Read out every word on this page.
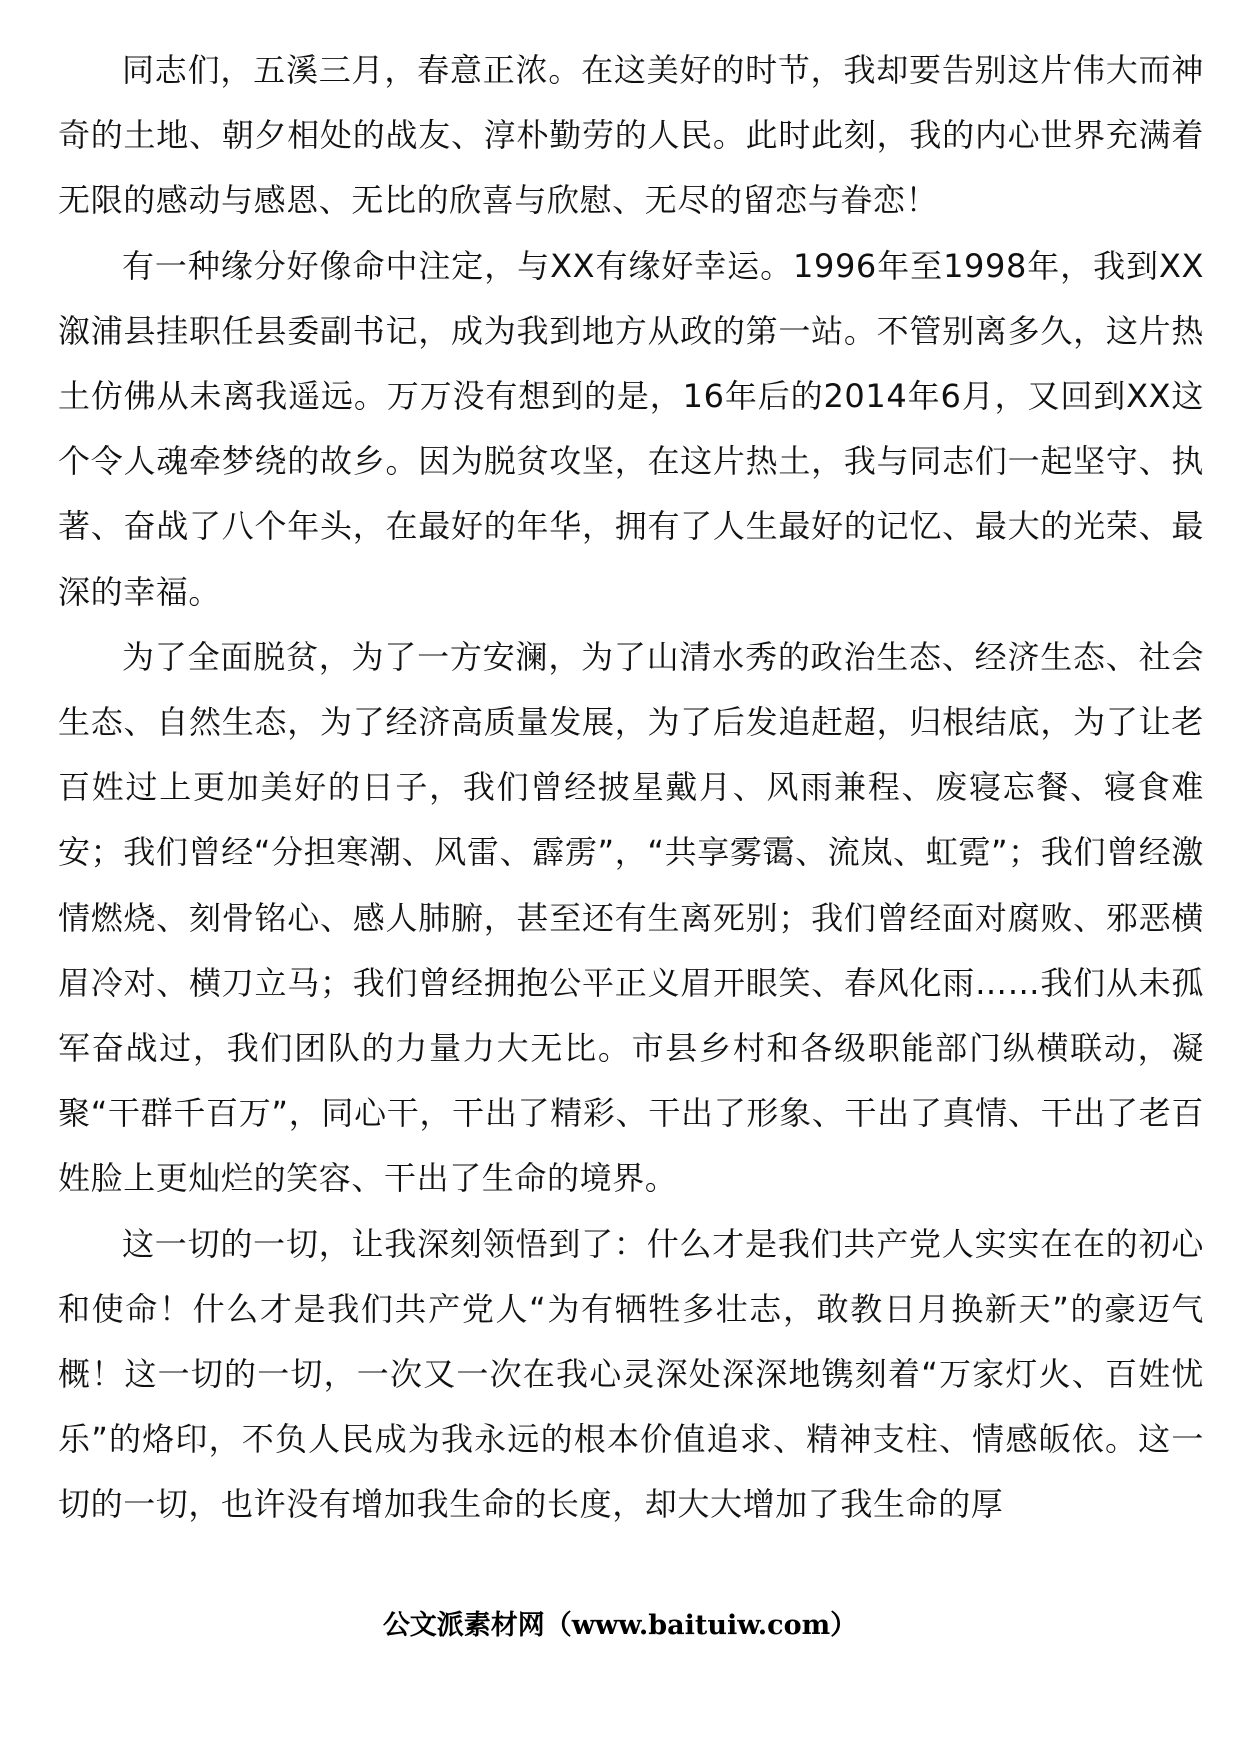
同志们，五溪三月，春意正浓。在这美好的时节，我却要告别这片伟大而神奇的土地、朝夕相处的战友、淳朴勤劳的人民。此时此刻，我的内心世界充满着无限的感动与感恩、无比的欣喜与欣慰、无尽的留恋与眷恋！

有一种缘分好像命中注定，与XX有缘好幸运。1996年至1998年，我到XX溆浦县挂职任县委副书记，成为我到地方从政的第一站。不管别离多久，这片热土仿佛从未离我遥远。万万没有想到的是，16年后的2014年6月，又回到XX这个令人魂牵梦绕的故乡。因为脱贫攻坚，在这片热土，我与同志们一起坚守、执著、奋战了八个年头，在最好的年华，拥有了人生最好的记忆、最大的光荣、最深的幸福。

为了全面脱贫，为了一方安澜，为了山清水秀的政治生态、经济生态、社会生态、自然生态，为了经济高质量发展，为了后发追赶超，归根结底，为了让老百姓过上更加美好的日子，我们曾经披星戴月、风雨兼程、废寝忘餐、寝食难安；我们曾经“分担寒潮、风雷、霹雳”，“共享雾霭、流岚、虹霓”；我们曾经激情燃烧、刻骨铭心、感人肺腑，甚至还有生离死别；我们曾经面对腐败、邪恶横眉冷对、横刀立马；我们曾经拥抱公平正义眉开眼笑、春风化雨……我们从未孤军奋战过，我们团队的力量力大无比。市县乡村和各级职能部门纵横联动，凝聚“干群千百万”，同心干，干出了精彩、干出了形象、干出了真情、干出了老百姓脸上更灿烂的笑容、干出了生命的境界。

这一切的一切，让我深刻领悟到了：什么才是我们共产党人实实在在的初心和使命！什么才是我们共产党人“为有牺牲多壮志，敢教日月换新天”的豪迈气概！这一切的一切，一次又一次在我心灵深处深深地镌刻着“万家灯火、百姓忧乐”的烙印，不负人民成为我永远的根本价值追求、精神支柱、情感皈依。这一切的一切，也许没有增加我生命的长度，却大大增加了我生命的厚

公文派素材网（www.baituiw.com）
